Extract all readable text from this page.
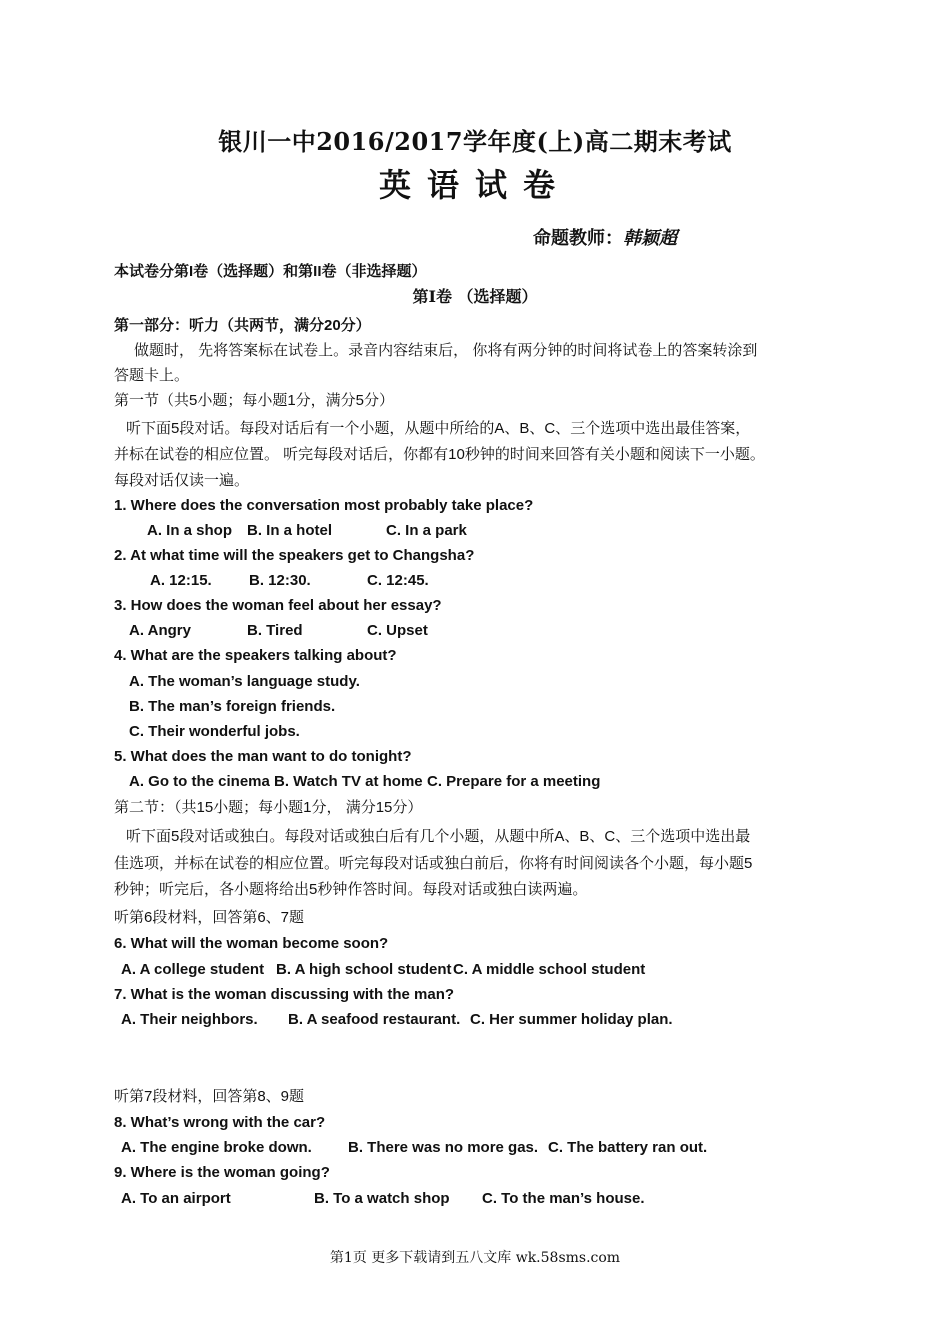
银川一中2016/2017学年度(上)高二期末考试
英语试卷
命题教师：韩颖超
本试卷分第I卷（选择题）和第II卷（非选择题）
第I卷 （选择题）
第一部分：听力（共两节，满分20分）
做题时， 先将答案标在试卷上。录音内容结束后， 你将有两分钟的时间将试卷上的答案转涂到
答题卡上。
第一节（共5小题；每小题1分，满分5分）
听下面5段对话。每段对话后有一个小题，从题中所给的A、B、C、三个选项中选出最佳答案，
并标在试卷的相应位置。 听完每段对话后，你都有10秒钟的时间来回答有关小题和阅读下一小题。
每段对话仅读一遍。
1. Where does the conversation most probably take place?
A. In a shop B. In a hotel	C. In a park
2. At what time will the speakers get to Changsha?
A. 12:15. B. 12:30.	C. 12:45.
3. How does the woman feel about her essay?
A. Angry	B. Tired	C. Upset
4. What are the speakers talking about?
A. The woman’s language study.
B. The man’s foreign friends.
C. Their wonderful jobs.
5. What does the man want to do tonight?
A. Go to the cinema B. Watch TV at home C. Prepare for a meeting
第二节：（共15小题；每小题1分， 满分15分）
听下面5段对话或独白。每段对话或独白后有几个小题，从题中所A、B、C、三个选项中选出最
佳选项，并标在试卷的相应位置。听完每段对话或独白前后，你将有时间阅读各个小题，每小题5
秒钟；听完后，各小题将给出5秒钟作答时间。每段对话或独白读两遍。
听第6段材料，回答第6、7题
6. What will the woman become soon?
A. A college student B. A high school student C. A middle school student
7. What is the woman discussing with the man?
A. Their neighbors. B. A seafood restaurant. C. Her summer holiday plan.
听第7段材料，回答第8、9题
8. What’s wrong with the car?
A. The engine broke down. B. There was no more gas. C. The battery ran out.
9. Where is the woman going?
A. To an airport	B. To a watch shop C. To the man’s house.
第1页 更多下载请到五八文库 wk.58sms.com
